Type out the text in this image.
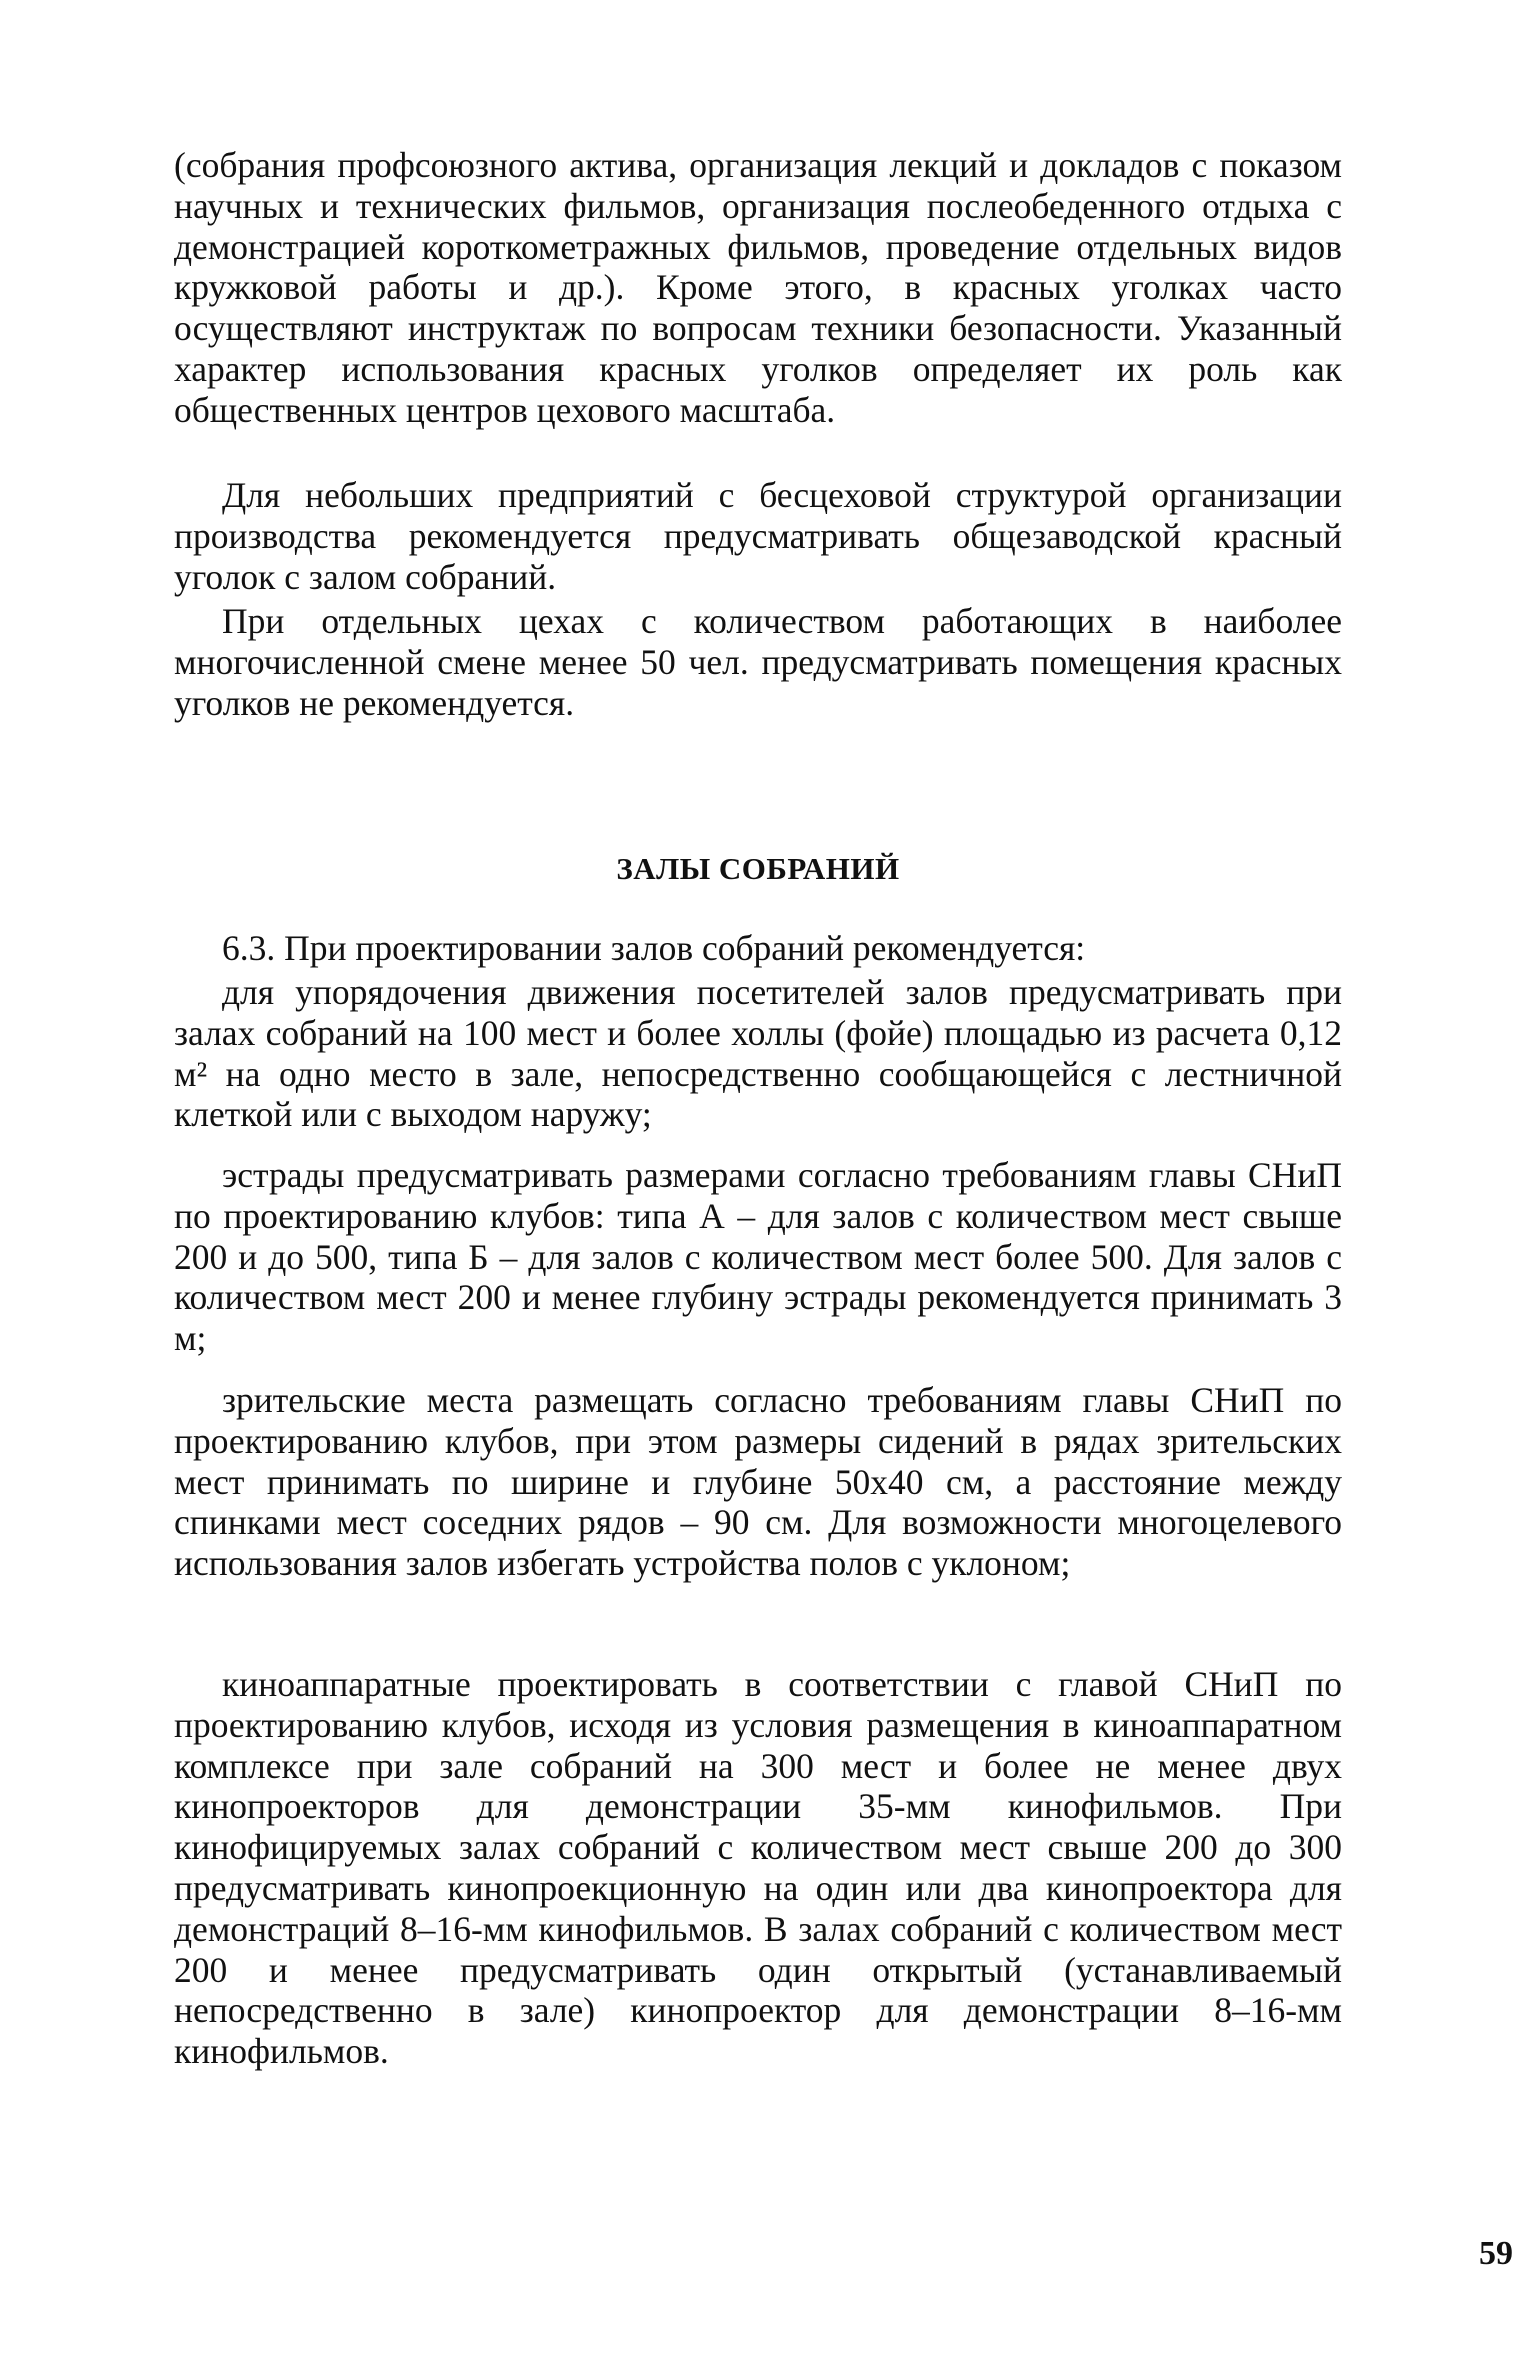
(собрания профсоюзного актива, организация лекций и докладов с показом научных и технических фильмов, организация послеобеденного отдыха с демонстрацией короткометражных фильмов, проведение отдельных видов кружковой работы и др.). Кроме этого, в красных уголках часто осуществляют инструктаж по вопросам техники безопасности. Указанный характер использования красных уголков определяет их роль как общественных центров цехового масштаба.

Для небольших предприятий с бесцеховой структурой организации производства рекомендуется предусматривать общезаводской красный уголок с залом собраний.

При отдельных цехах с количеством работающих в наиболее многочисленной смене менее 50 чел. предусматривать помещения красных уголков не рекомендуется.

ЗАЛЫ СОБРАНИЙ

6.3. При проектировании залов собраний рекомендуется:

для упорядочения движения посетителей залов предусматривать при залах собраний на 100 мест и более холлы (фойе) площадью из расчета 0,12 м² на одно место в зале, непосредственно сообщающейся с лестничной клеткой или с выходом наружу;

эстрады предусматривать размерами согласно требованиям главы СНиП по проектированию клубов: типа А – для залов с количеством мест свыше 200 и до 500, типа Б – для залов с количеством мест более 500. Для залов с количеством мест 200 и менее глубину эстрады рекомендуется принимать 3 м;

зрительские места размещать согласно требованиям главы СНиП по проектированию клубов, при этом размеры сидений в рядах зрительских мест принимать по ширине и глубине 50х40 см, а расстояние между спинками мест соседних рядов – 90 см. Для возможности многоцелевого использования залов избегать устройства полов с уклоном;

киноаппаратные проектировать в соответствии с главой СНиП по проектированию клубов, исходя из условия размещения в киноаппаратном комплексе при зале собраний на 300 мест и более не менее двух кинопроекторов для демонстрации 35-мм кинофильмов. При кинофицируемых залах собраний с количеством мест свыше 200 до 300 предусматривать кинопроекционную на один или два кинопроектора для демонстраций 8–16-мм кинофильмов. В залах собраний с количеством мест 200 и менее предусматривать один открытый (устанавливаемый непосредственно в зале) кинопроектор для демонстрации 8–16-мм кинофильмов.

59
